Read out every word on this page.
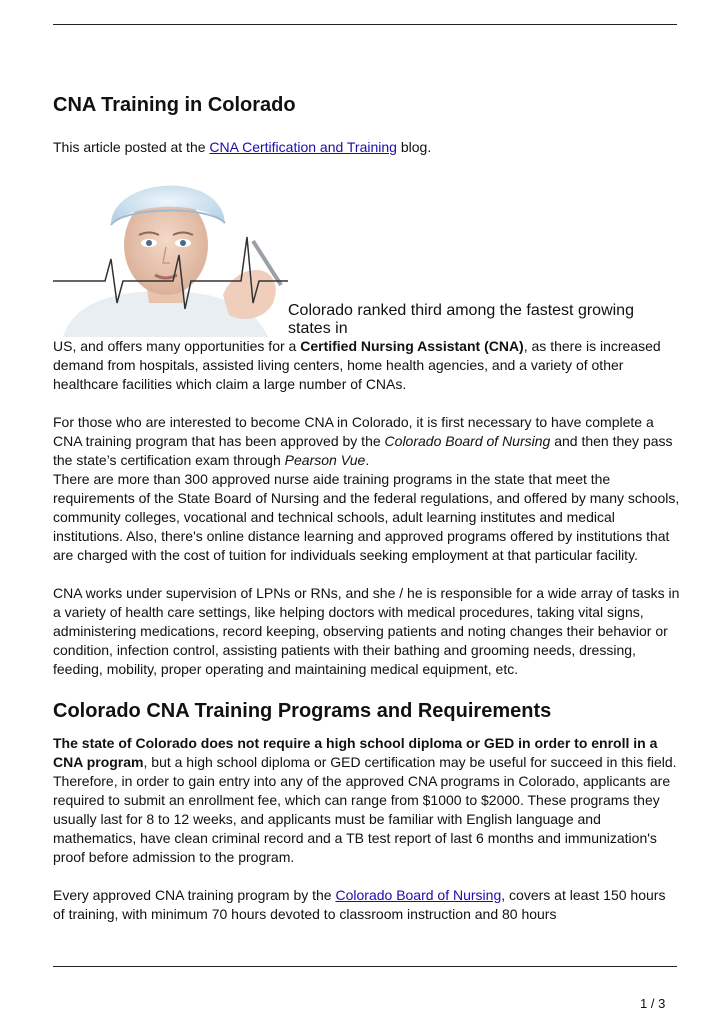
CNA Training in Colorado

This article posted at the CNA Certification and Training blog.

Colorado ranked third among the fastest growing states in

US, and offers many opportunities for a Certified Nursing Assistant (CNA), as there is increased demand from hospitals, assisted living centers, home health agencies, and a variety of other healthcare facilities which claim a large number of CNAs.

For those who are interested to become CNA in Colorado, it is first necessary to have complete a CNA training program that has been approved by the Colorado Board of Nursing and then they pass the state’s certification exam through Pearson Vue.

There are more than 300 approved nurse aide training programs in the state that meet the requirements of the State Board of Nursing and the federal regulations, and offered by many schools, community colleges, vocational and technical schools, adult learning institutes and medical institutions. Also, there's online distance learning and approved programs offered by institutions that are charged with the cost of tuition for individuals seeking employment at that particular facility.

CNA works under supervision of LPNs or RNs, and she / he is responsible for a wide array of tasks in a variety of health care settings, like helping doctors with medical procedures, taking vital signs, administering medications, record keeping, observing patients and noting changes their behavior or condition, infection control, assisting patients with their bathing and grooming needs, dressing, feeding, mobility, proper operating and maintaining medical equipment, etc.

Colorado CNA Training Programs and Requirements

The state of Colorado does not require a high school diploma or GED in order to enroll in a CNA program, but a high school diploma or GED certification may be useful for succeed in this field. Therefore, in order to gain entry into any of the approved CNA programs in Colorado, applicants are required to submit an enrollment fee, which can range from $1000 to $2000. These programs they usually last for 8 to 12 weeks, and applicants must be familiar with English language and mathematics, have clean criminal record and a TB test report of last 6 months and immunization's proof before admission to the program.

Every approved CNA training program by the Colorado Board of Nursing, covers at least 150 hours of training, with minimum 70 hours devoted to classroom instruction and 80 hours

1 / 3
